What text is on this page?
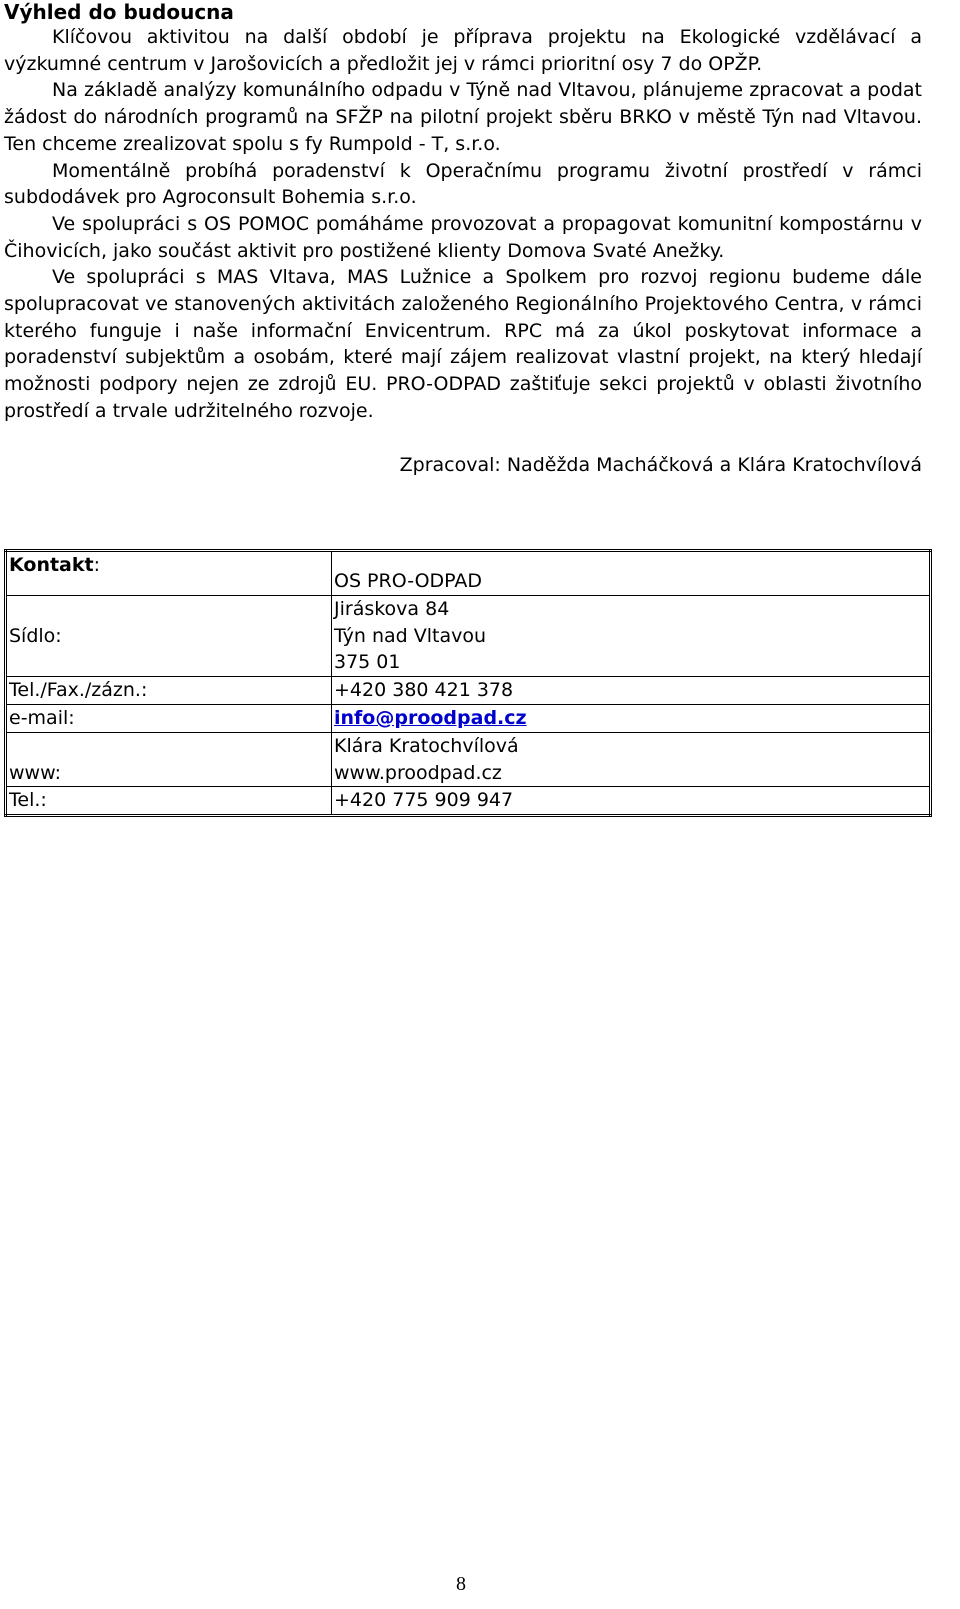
Výhled do budoucna

Klíčovou aktivitou na další období je příprava projektu na Ekologické vzdělávací a výzkumné centrum v Jarošovicích a předložit jej v rámci prioritní osy 7 do OPŽP.

Na základě analýzy komunálního odpadu v Týně nad Vltavou, plánujeme zpracovat a podat žádost do národních programů na SFŽP na pilotní projekt sběru BRKO v městě Týn nad Vltavou. Ten chceme zrealizovat spolu s fy Rumpold - T, s.r.o.

Momentálně probíhá poradenství k Operačnímu programu životní prostředí v rámci subdodávek pro Agroconsult Bohemia s.r.o.

Ve spolupráci s OS POMOC pomáháme provozovat a propagovat komunitní kompostárnu v Čihovicích, jako součást aktivit pro postižené klienty Domova Svaté Anežky.

Ve spolupráci s MAS Vltava, MAS Lužnice a Spolkem pro rozvoj regionu budeme dále spolupracovat ve stanovených aktivitách založeného Regionálního Projektového Centra, v rámci kterého funguje i naše informační Envicentrum. RPC má za úkol poskytovat informace a poradenství subjektům a osobám, které mají zájem realizovat vlastní projekt, na který hledají možnosti podpory nejen ze zdrojů EU. PRO-ODPAD zaštiťuje sekci projektů v oblasti životního prostředí a trvale udržitelného rozvoje.

Zpracoval: Naděžda Macháčková a Klára Kratochvílová
Kontakt:	OS PRO-ODPAD
Sídlo:	Jiráskova 84
Týn nad Vltavou
375 01

Tel./Fax./zázn.:	+420 380 421 378
e-mail:	info@proodpad.cz
www:	Klára Kratochvílová
www.proodpad.cz

Tel.:	+420 775 909 947
8
